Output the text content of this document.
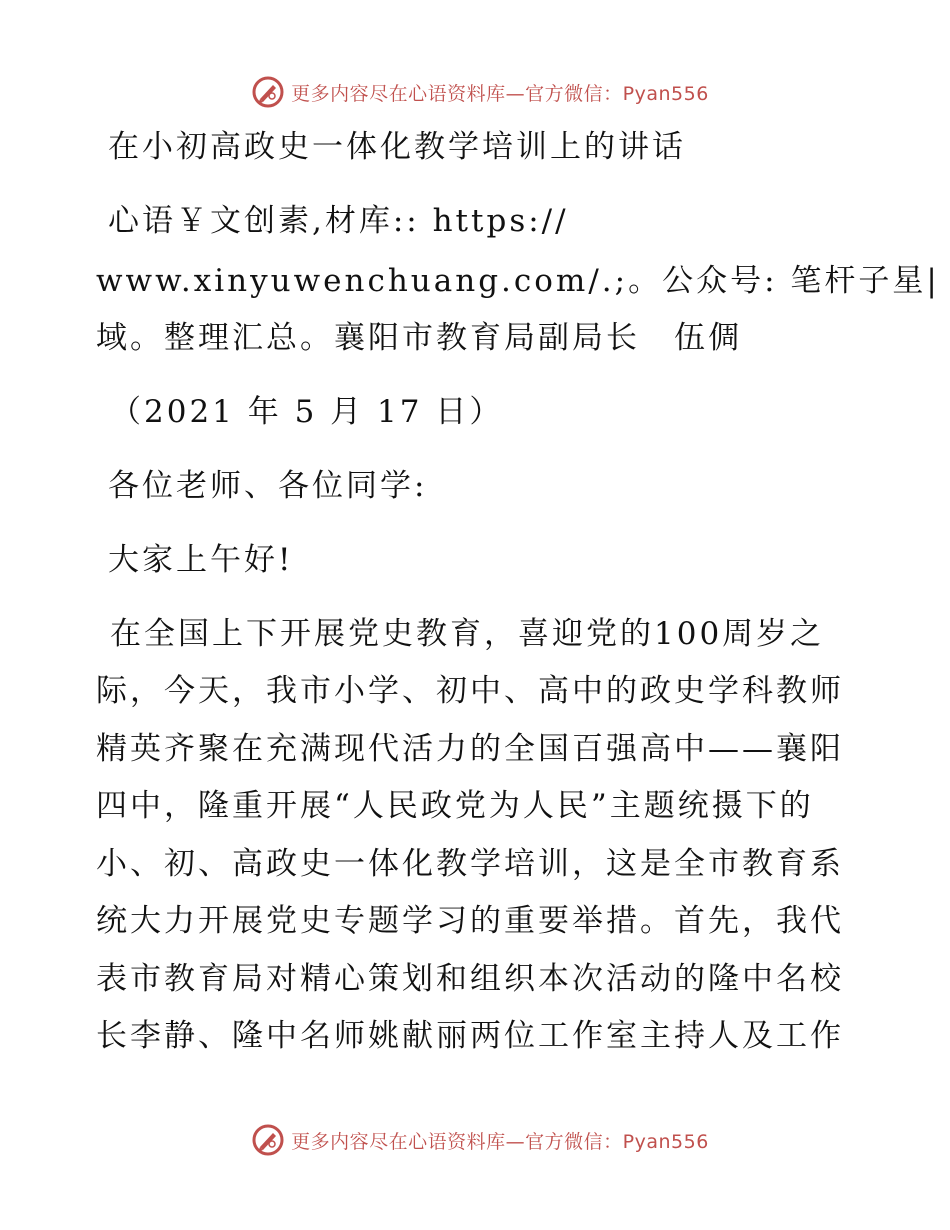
更多内容尽在心语资料库—官方微信：Pyan556
在小初高政史一体化教学培训上的讲话
心语￥文创素,材库:: https://
www.xinyuwenchuang.com/.;。公众号: 笔杆子星|
域。整理汇总。襄阳市教育局副局长　伍倜
（2021 年 5 月 17 日）
各位老师、各位同学:
大家上午好!
在全国上下开展党史教育，喜迎党的100周岁之
际，今天，我市小学、初中、高中的政史学科教师
精英齐聚在充满现代活力的全国百强高中——襄阳
四中，隆重开展“人民政党为人民”主题统摄下的
小、初、高政史一体化教学培训，这是全市教育系
统大力开展党史专题学习的重要举措。首先，我代
表市教育局对精心策划和组织本次活动的隆中名校
长李静、隆中名师姚献丽两位工作室主持人及工作
更多内容尽在心语资料库—官方微信：Pyan556
